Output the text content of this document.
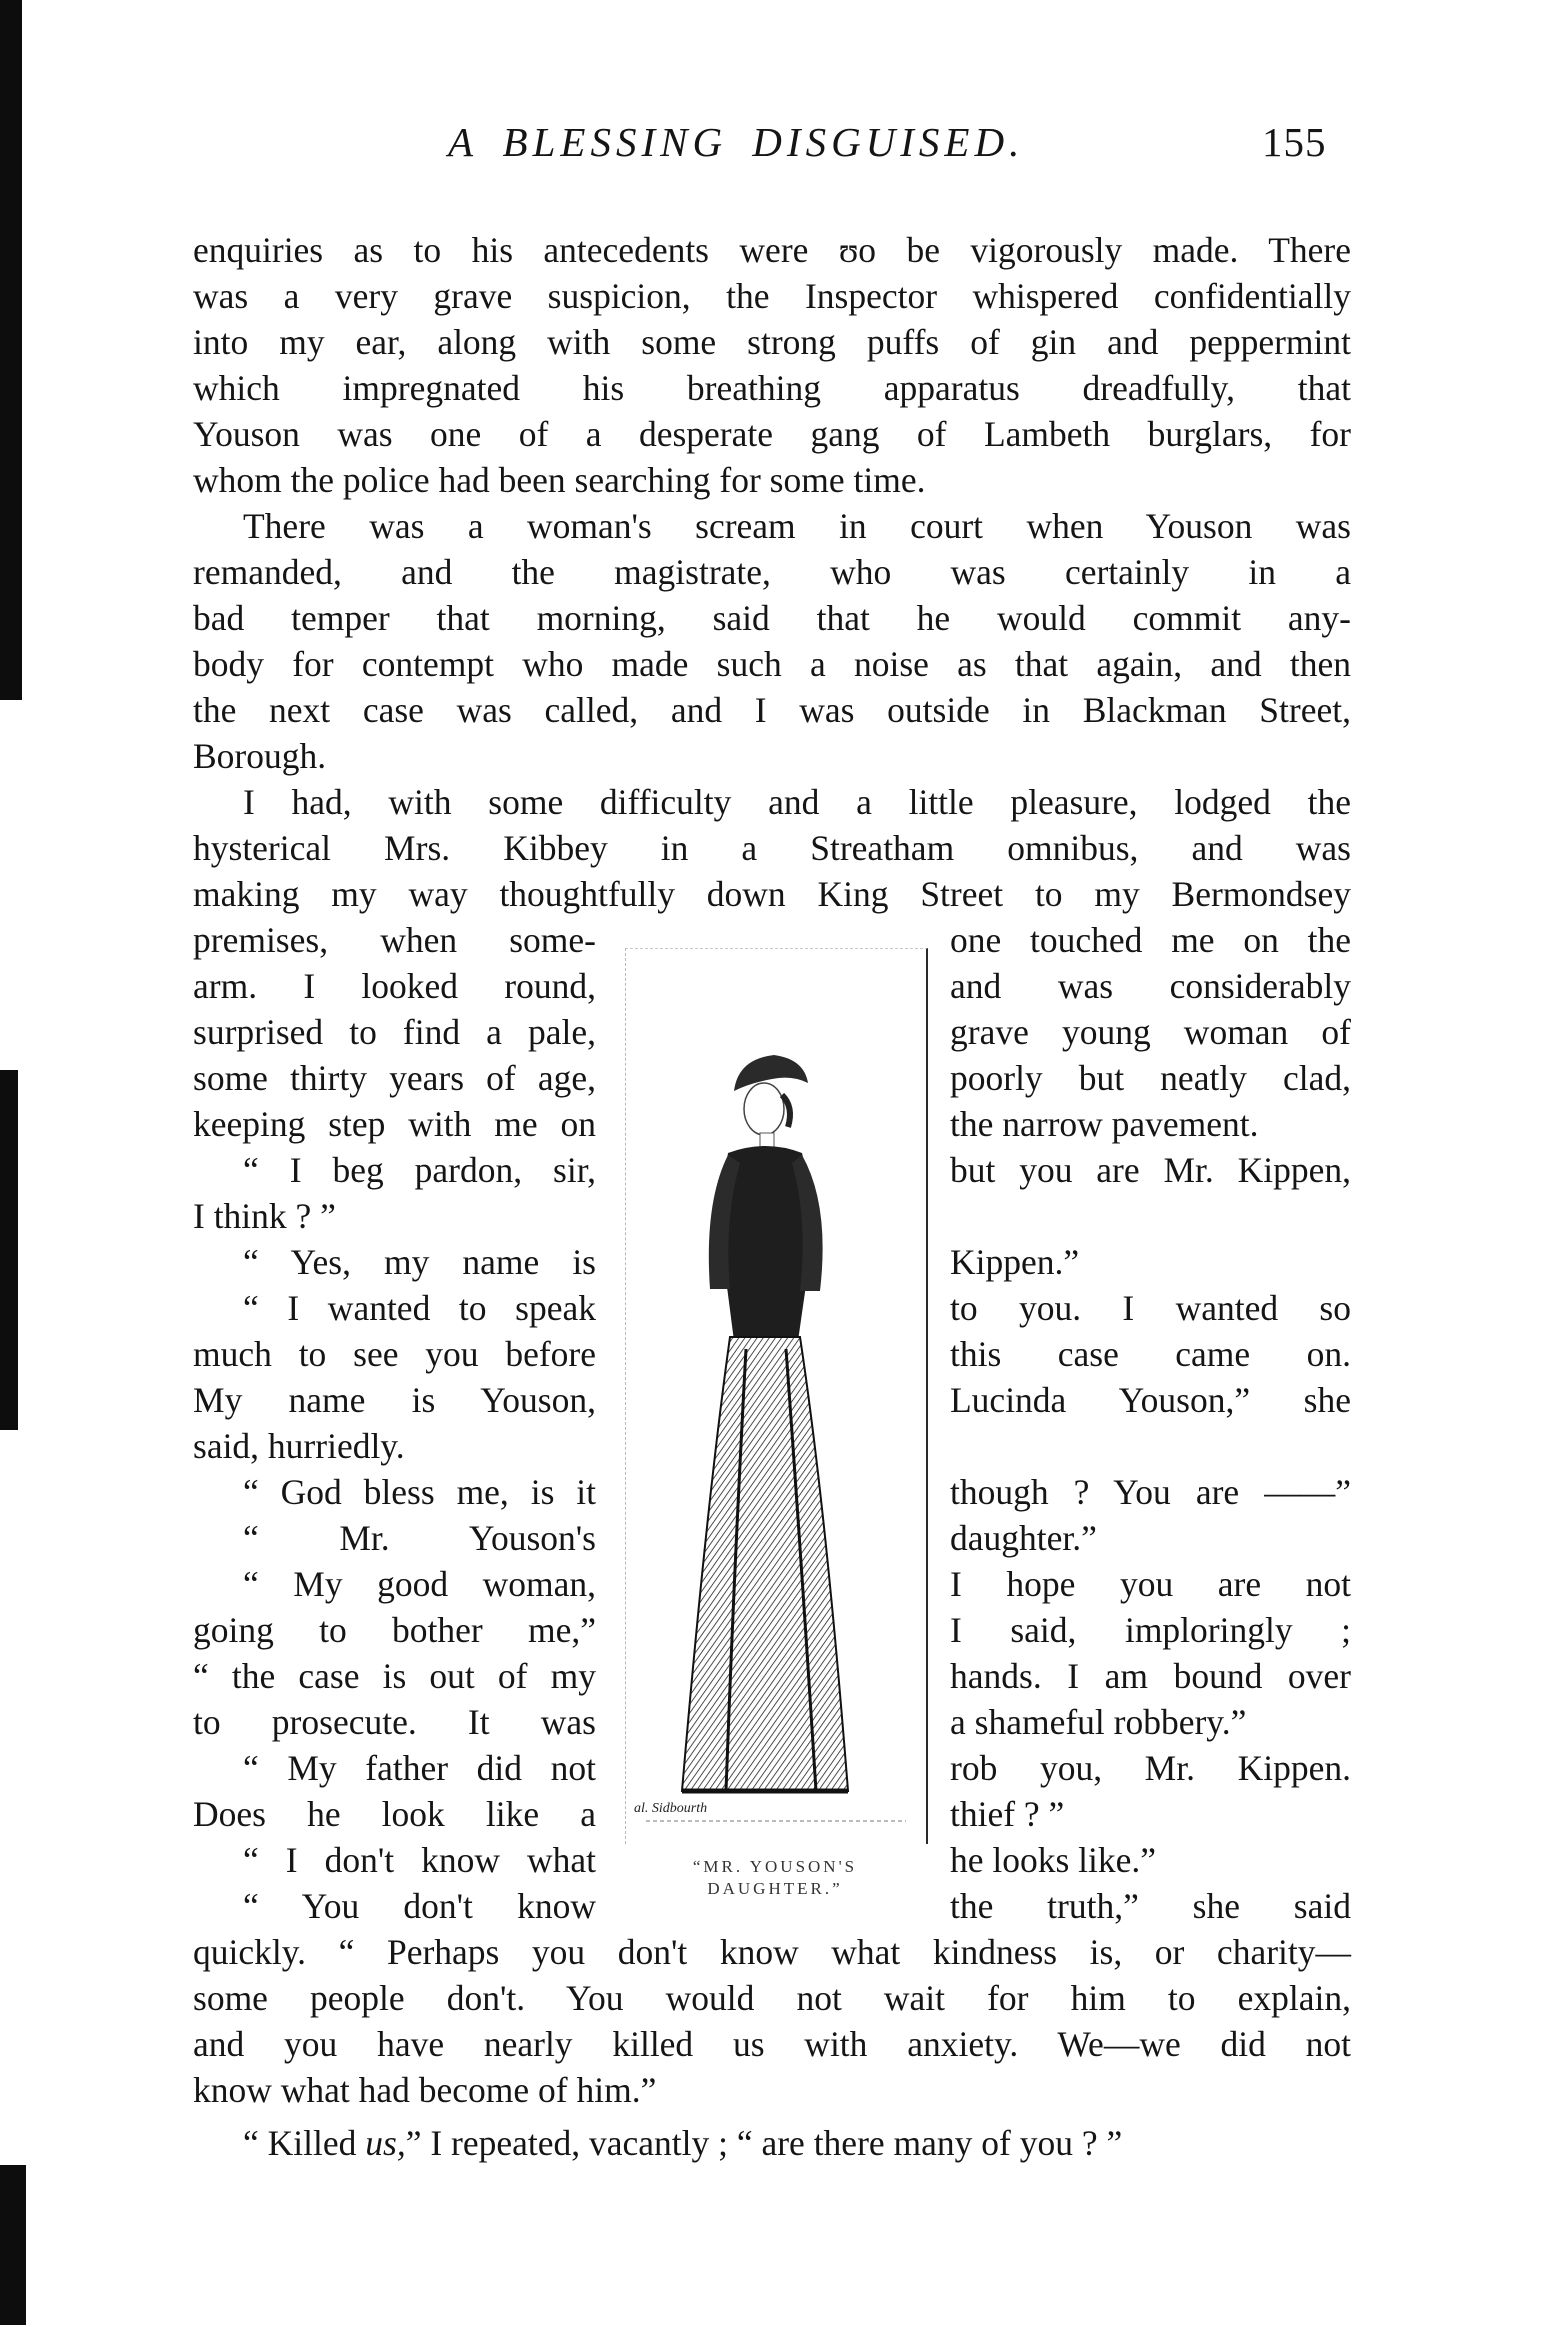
A BLESSING DISGUISED.	155
enquiries as to his antecedents were ʊo be vigorously made. There
was a very grave suspicion, the Inspector whispered confidentially
into my ear, along with some strong puffs of gin and peppermint
which impregnated his breathing apparatus dreadfully, that
Youson was one of a desperate gang of Lambeth burglars, for
whom the police had been searching for some time.
There was a woman's scream in court when Youson was
remanded, and the magistrate, who was certainly in a
bad temper that morning, said that he would commit any-
body for contempt who made such a noise as that again, and then
the next case was called, and I was outside in Blackman Street,
Borough.
I had, with some difficulty and a little pleasure, lodged the
hysterical Mrs. Kibbey in a Streatham omnibus, and was
making my way thoughtfully down King Street to my Bermondsey
premises, when some-
arm. I looked round,
surprised to find a pale,
some thirty years of age,
keeping step with me on
“ I beg pardon, sir,
I think ? ”
“ Yes, my name is
“ I wanted to speak
much to see you before
My name is Youson,
said, hurriedly.
“ God bless me, is it
“ Mr. Youson's
“ My good woman,
going to bother me,”
“ the case is out of my
to prosecute. It was
“ My father did not
Does he look like a
“ I don't know what
“ You don't know
one touched me on the
and was considerably
grave young woman of
poorly but neatly clad,
the narrow pavement.
but you are Mr. Kippen,
Kippen.”
to you. I wanted so
this case came on.
Lucinda Youson,” she
though ? You are ——”
daughter.”
I hope you are not
I said, imploringly ;
hands. I am bound over
a shameful robbery.”
rob you, Mr. Kippen.
thief ? ”
he looks like.”
the truth,” she said
al. Sidbourth
“MR. YOUSON'S
DAUGHTER.”
quickly. “ Perhaps you don't know what kindness is, or charity—
some people don't. You would not wait for him to explain,
and you have nearly killed us with anxiety. We—we did not
know what had become of him.”
“ Killed us,” I repeated, vacantly ; “ are there many of you ? ”
